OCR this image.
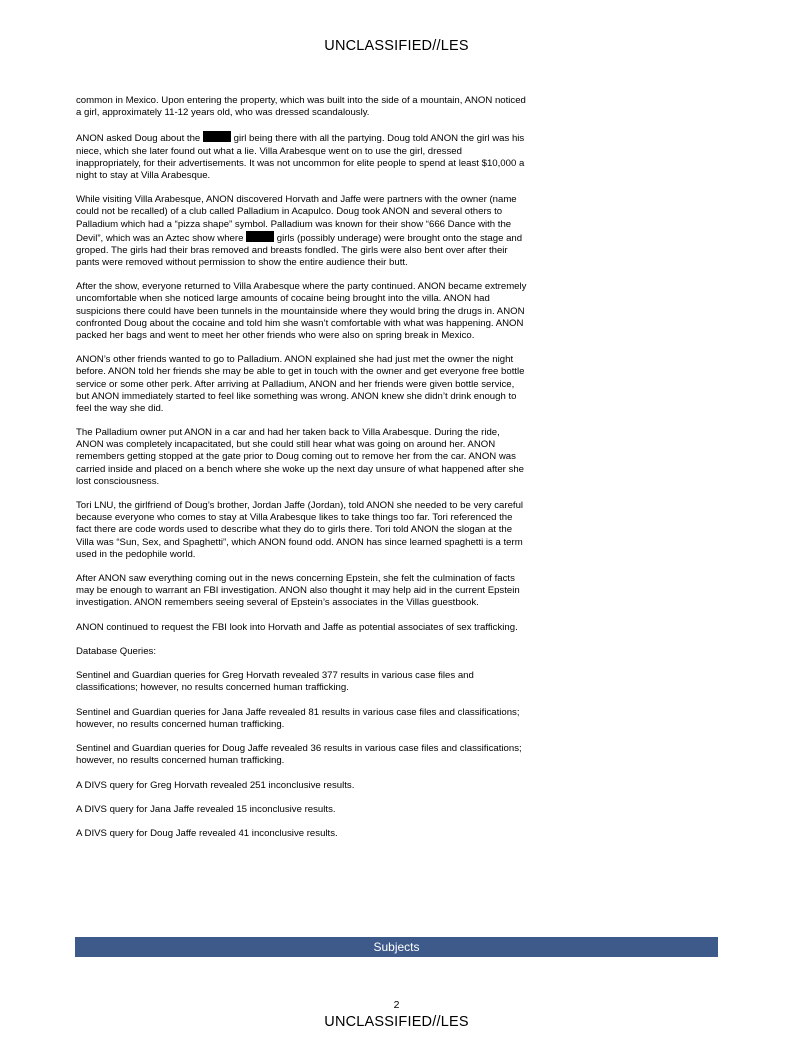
UNCLASSIFIED//LES

common in Mexico. Upon entering the property, which was built into the side of a mountain, ANON noticed a girl, approximately 11-12 years old, who was dressed scandalously.

ANON asked Doug about the	girl being there with all the partying. Doug told ANON the girl was his niece, which she later found out what a lie. Villa Arabesque went on to use the girl, dressed inappropriately, for their advertisements. It was not uncommon for elite people to spend at least $10,000 a night to stay at Villa Arabesque.

While visiting Villa Arabesque, ANON discovered Horvath and Jaffe were partners with the owner (name could not be recalled) of a club called Palladium in Acapulco. Doug took ANON and several others to Palladium which had a “pizza shape” symbol. Palladium was known for their show “666 Dance with the Devil”, which was an Aztec show where	girls (possibly underage) were brought onto the stage and groped. The girls had their bras removed and breasts fondled. The girls were also bent over after their pants were removed without permission to show the entire audience their butt.

After the show, everyone returned to Villa Arabesque where the party continued. ANON became extremely uncomfortable when she noticed large amounts of cocaine being brought into the villa. ANON had suspicions there could have been tunnels in the mountainside where they would bring the drugs in. ANON confronted Doug about the cocaine and told him she wasn’t comfortable with what was happening. ANON packed her bags and went to meet her other friends who were also on spring break in Mexico.

ANON’s other friends wanted to go to Palladium. ANON explained she had just met the owner the night before. ANON told her friends she may be able to get in touch with the owner and get everyone free bottle service or some other perk. After arriving at Palladium, ANON and her friends were given bottle service, but ANON immediately started to feel like something was wrong. ANON knew she didn’t drink enough to feel the way she did.

The Palladium owner put ANON in a car and had her taken back to Villa Arabesque. During the ride, ANON was completely incapacitated, but she could still hear what was going on around her. ANON remembers getting stopped at the gate prior to Doug coming out to remove her from the car. ANON was carried inside and placed on a bench where she woke up the next day unsure of what happened after she lost consciousness.

Tori LNU, the girlfriend of Doug’s brother, Jordan Jaffe (Jordan), told ANON she needed to be very careful because everyone who comes to stay at Villa Arabesque likes to take things too far. Tori referenced the fact there are code words used to describe what they do to girls there. Tori told ANON the slogan at the Villa was “Sun, Sex, and Spaghetti”, which ANON found odd. ANON has since learned spaghetti is a term used in the pedophile world.

After ANON saw everything coming out in the news concerning Epstein, she felt the culmination of facts may be enough to warrant an FBI investigation. ANON also thought it may help aid in the current Epstein investigation. ANON remembers seeing several of Epstein’s associates in the Villas guestbook.

ANON continued to request the FBI look into Horvath and Jaffe as potential associates of sex trafficking.

Database Queries:

Sentinel and Guardian queries for Greg Horvath revealed 377 results in various case files and classifications; however, no results concerned human trafficking.

Sentinel and Guardian queries for Jana Jaffe revealed 81 results in various case files and classifications; however, no results concerned human trafficking.

Sentinel and Guardian queries for Doug Jaffe revealed 36 results in various case files and classifications; however, no results concerned human trafficking.

A DIVS query for Greg Horvath revealed 251 inconclusive results.

A DIVS query for Jana Jaffe revealed 15 inconclusive results.

A DIVS query for Doug Jaffe revealed 41 inconclusive results.

Subjects
2
UNCLASSIFIED//LES
